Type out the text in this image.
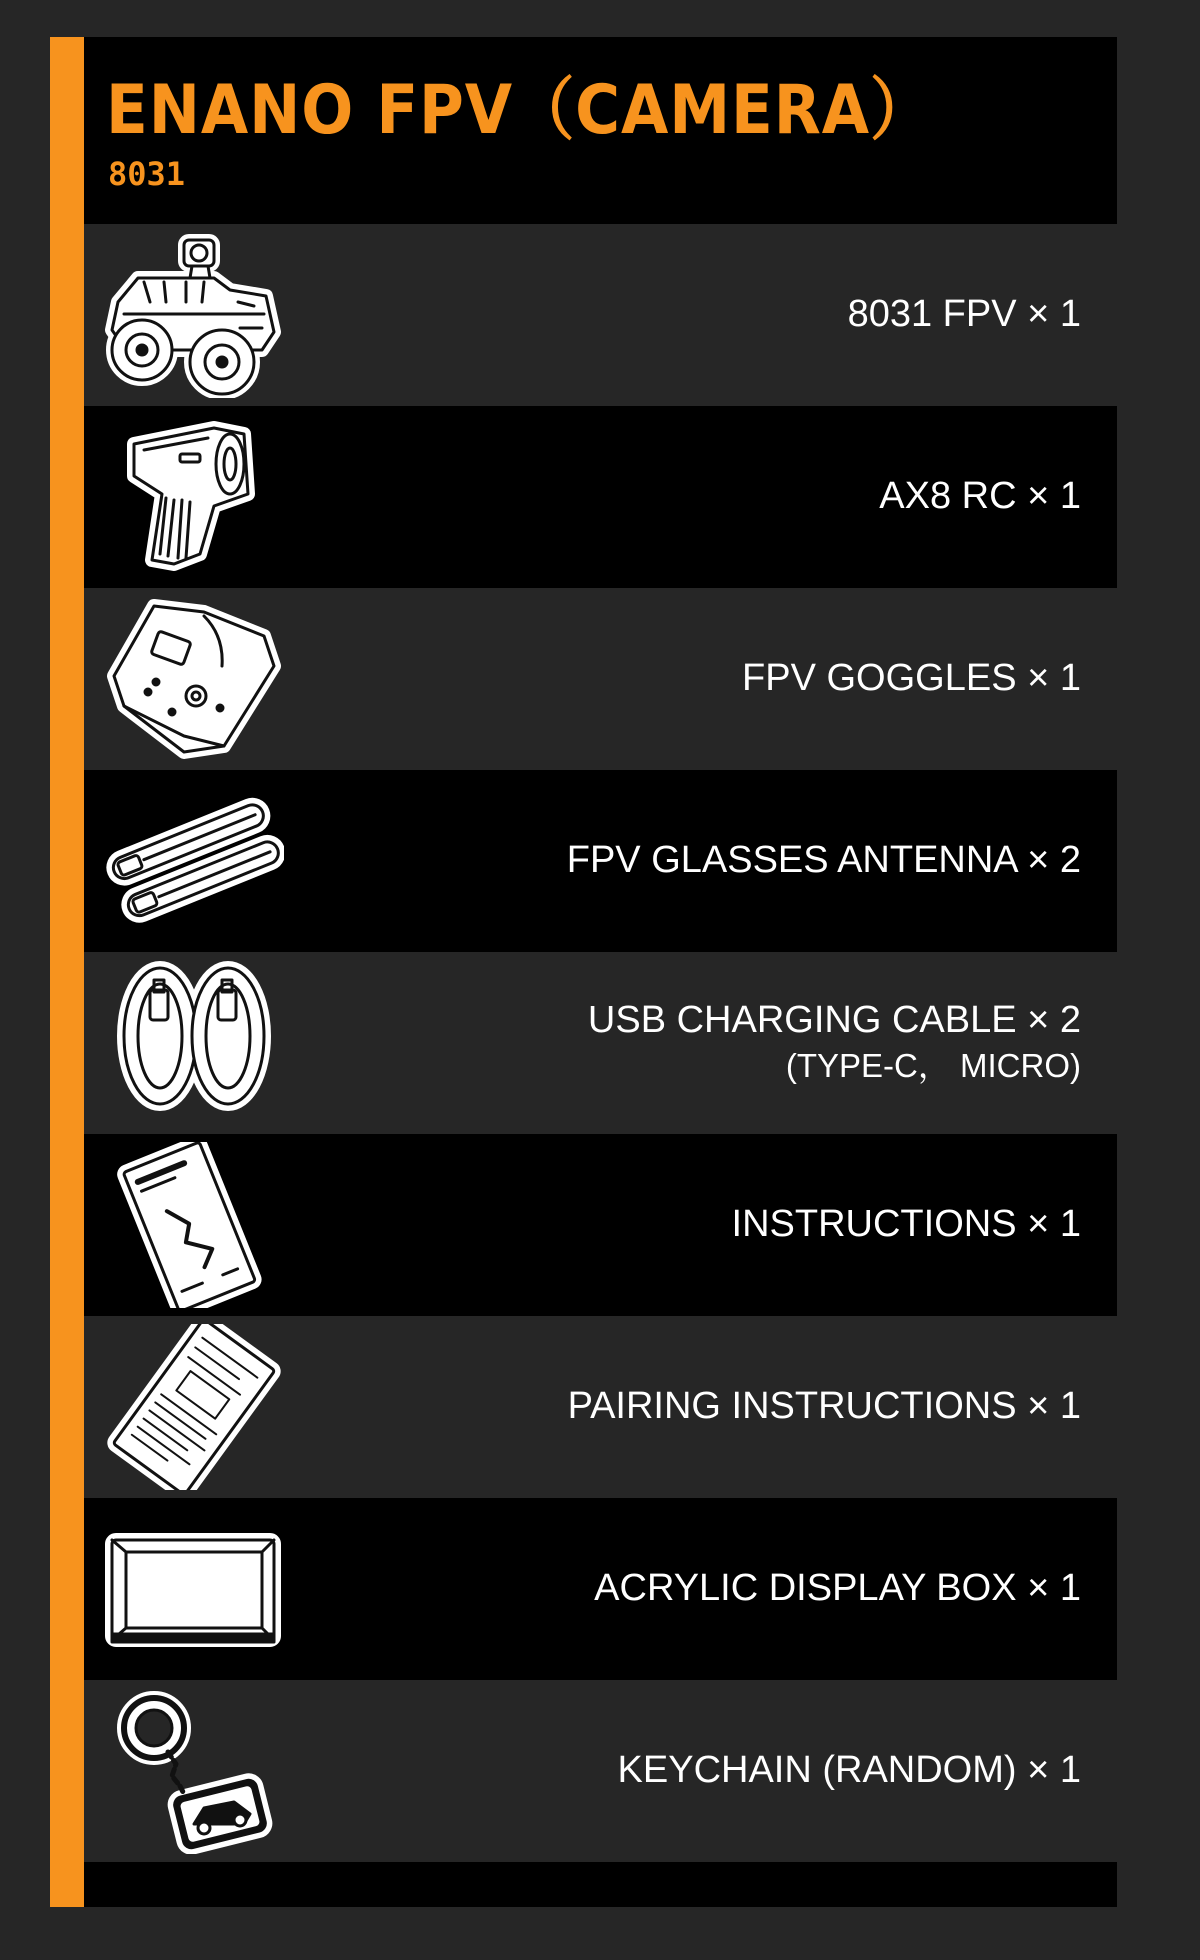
ENANO FPV（CAMERA）
8031
8031 FPV × 1
AX8 RC × 1
FPV GOGGLES × 1
FPV GLASSES ANTENNA × 2
USB CHARGING CABLE × 2
(TYPE-C， MICRO)
INSTRUCTIONS × 1
PAIRING INSTRUCTIONS × 1
ACRYLIC DISPLAY BOX × 1
KEYCHAIN (RANDOM) × 1
